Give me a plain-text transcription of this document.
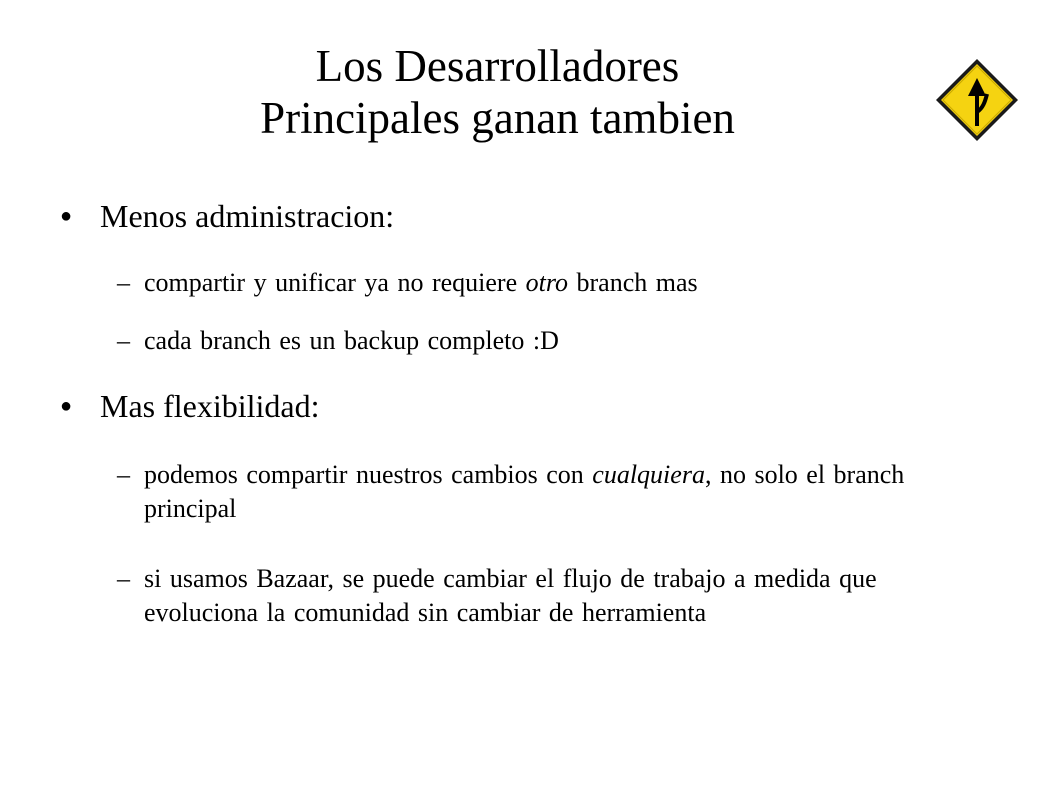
Los Desarrolladores
Principales ganan tambien
● Menos administracion:
– compartir y unificar ya no requiere otro branch mas
– cada branch es un backup completo :D
● Mas flexibilidad:
– podemos compartir nuestros cambios con cualquiera, no solo el branch principal
– si usamos Bazaar, se puede cambiar el flujo de trabajo a medida que evoluciona la comunidad sin cambiar de herramienta
